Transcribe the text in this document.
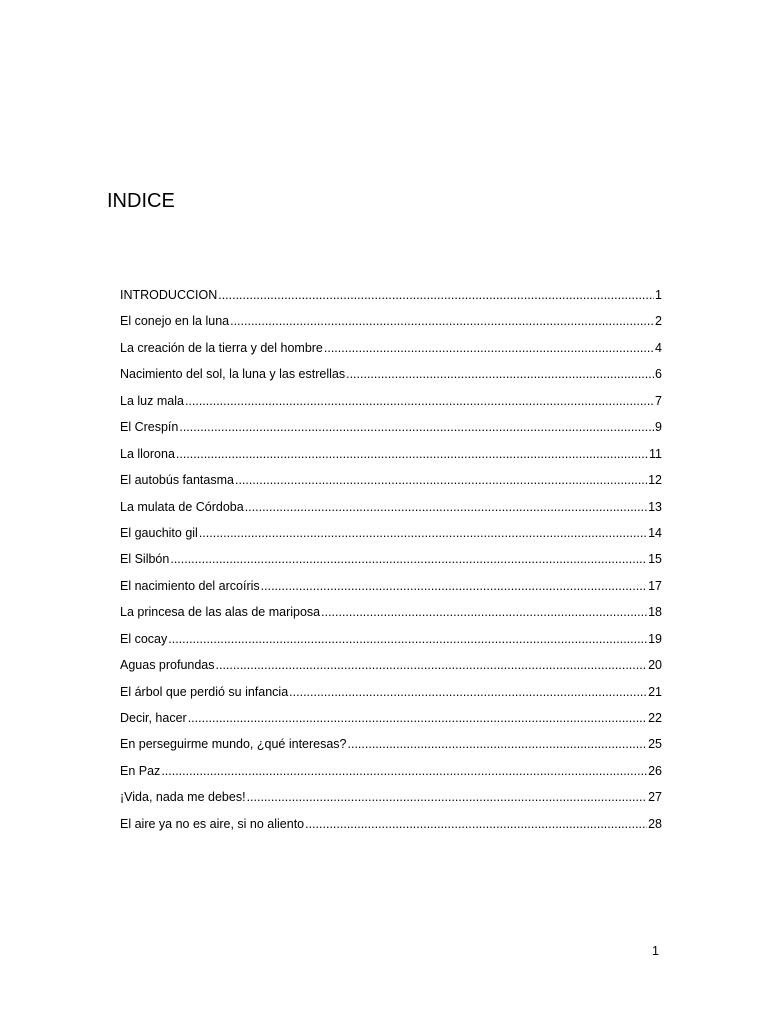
INDICE
INTRODUCCION .....	1
El conejo en la luna .....	2
La creación de la tierra y del hombre .....	4
Nacimiento del sol, la luna y las estrellas .....	6
La luz mala .....	7
El Crespín .....	9
La llorona .....	11
El autobús fantasma .....	12
La mulata de Córdoba .....	13
El gauchito gil .....	14
El Silbón .....	15
El nacimiento del arcoíris .....	17
La princesa de las alas de mariposa .....	18
El cocay .....	19
Aguas profundas .....	20
El árbol que perdió su infancia .....	21
Decir, hacer .....	22
En perseguirme mundo, ¿qué interesas? .....	25
En Paz .....	26
¡Vida, nada me debes! .....	27
El aire ya no es aire, si no aliento .....	28
1
